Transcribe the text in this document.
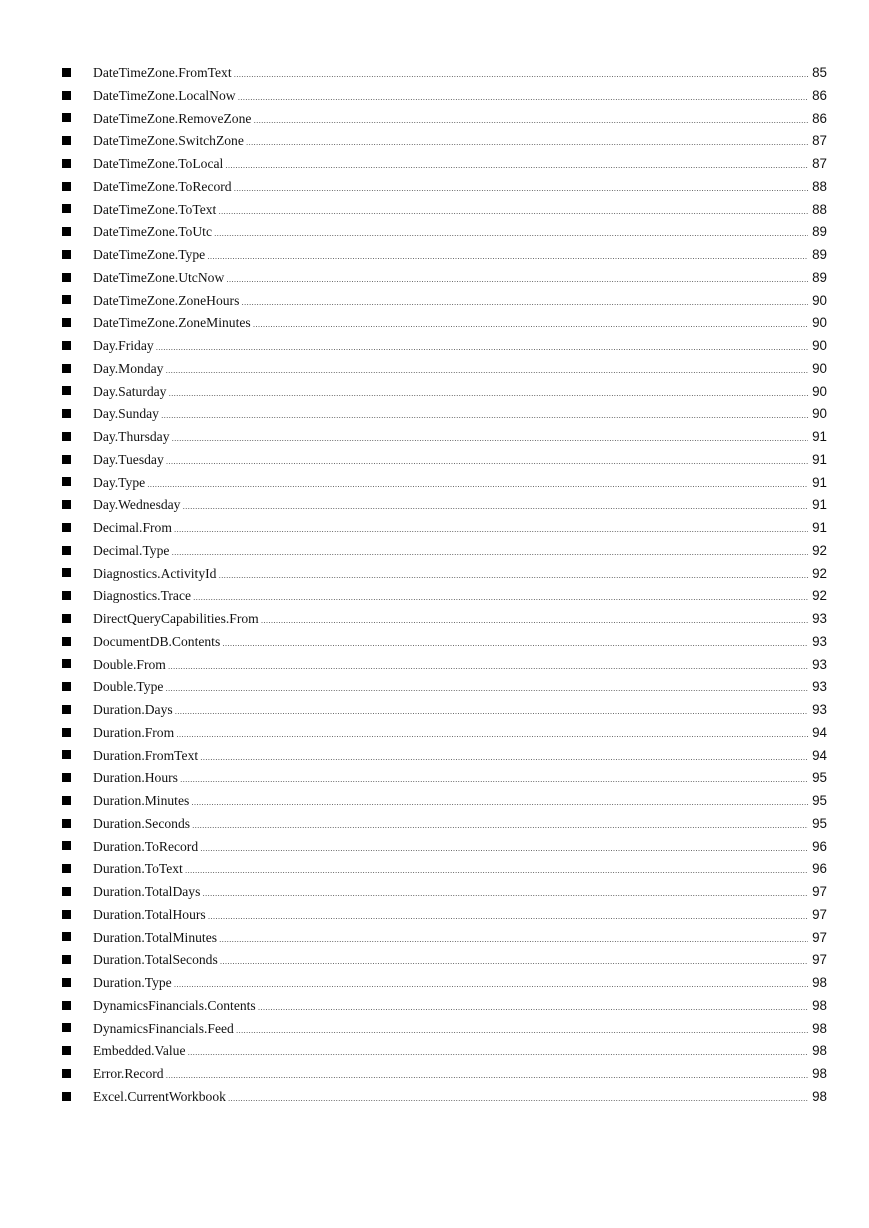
DateTimeZone.FromText .....	85
DateTimeZone.LocalNow .....	86
DateTimeZone.RemoveZone .....	86
DateTimeZone.SwitchZone .....	87
DateTimeZone.ToLocal .....	87
DateTimeZone.ToRecord .....	88
DateTimeZone.ToText .....	88
DateTimeZone.ToUtc .....	89
DateTimeZone.Type .....	89
DateTimeZone.UtcNow .....	89
DateTimeZone.ZoneHours .....	90
DateTimeZone.ZoneMinutes .....	90
Day.Friday .....	90
Day.Monday .....	90
Day.Saturday .....	90
Day.Sunday .....	90
Day.Thursday .....	91
Day.Tuesday .....	91
Day.Type .....	91
Day.Wednesday .....	91
Decimal.From .....	91
Decimal.Type .....	92
Diagnostics.ActivityId .....	92
Diagnostics.Trace .....	92
DirectQueryCapabilities.From .....	93
DocumentDB.Contents .....	93
Double.From .....	93
Double.Type .....	93
Duration.Days .....	93
Duration.From .....	94
Duration.FromText .....	94
Duration.Hours .....	95
Duration.Minutes .....	95
Duration.Seconds .....	95
Duration.ToRecord .....	96
Duration.ToText .....	96
Duration.TotalDays .....	97
Duration.TotalHours .....	97
Duration.TotalMinutes .....	97
Duration.TotalSeconds .....	97
Duration.Type .....	98
DynamicsFinancials.Contents .....	98
DynamicsFinancials.Feed .....	98
Embedded.Value .....	98
Error.Record .....	98
Excel.CurrentWorkbook .....	98
